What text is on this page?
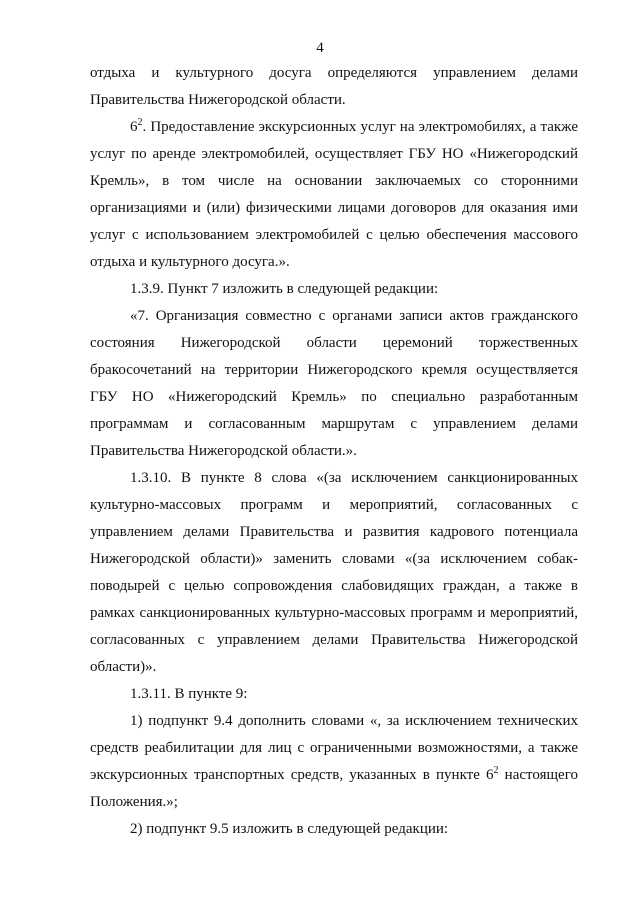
4

отдыха и культурного досуга определяются управлением делами Правительства Нижегородской области.

$6^2$. Предоставление экскурсионных услуг на электромобилях, а также услуг по аренде электромобилей, осуществляет ГБУ НО «Нижегородский Кремль», в том числе на основании заключаемых со сторонними организациями и (или) физическими лицами договоров для оказания ими услуг с использованием электромобилей с целью обеспечения массового отдыха и культурного досуга.».

1.3.9. Пункт 7 изложить в следующей редакции:

«7. Организация совместно с органами записи актов гражданского состояния Нижегородской области церемоний торжественных бракосочетаний на территории Нижегородского кремля осуществляется ГБУ НО «Нижегородский Кремль» по специально разработанным программам и согласованным маршрутам с управлением делами Правительства Нижегородской области.».

1.3.10. В пункте 8 слова «(за исключением санкционированных культурно-массовых программ и мероприятий, согласованных с управлением делами Правительства и развития кадрового потенциала Нижегородской области)» заменить словами «(за исключением собак-поводырей с целью сопровождения слабовидящих граждан, а также в рамках санкционированных культурно-массовых программ и мероприятий, согласованных с управлением делами Правительства Нижегородской области)».

1.3.11. В пункте 9:

1) подпункт 9.4 дополнить словами «, за исключением технических средств реабилитации для лиц с ограниченными возможностями, а также экскурсионных транспортных средств, указанных в пункте $6^2$ настоящего Положения.»;

2) подпункт 9.5 изложить в следующей редакции:
